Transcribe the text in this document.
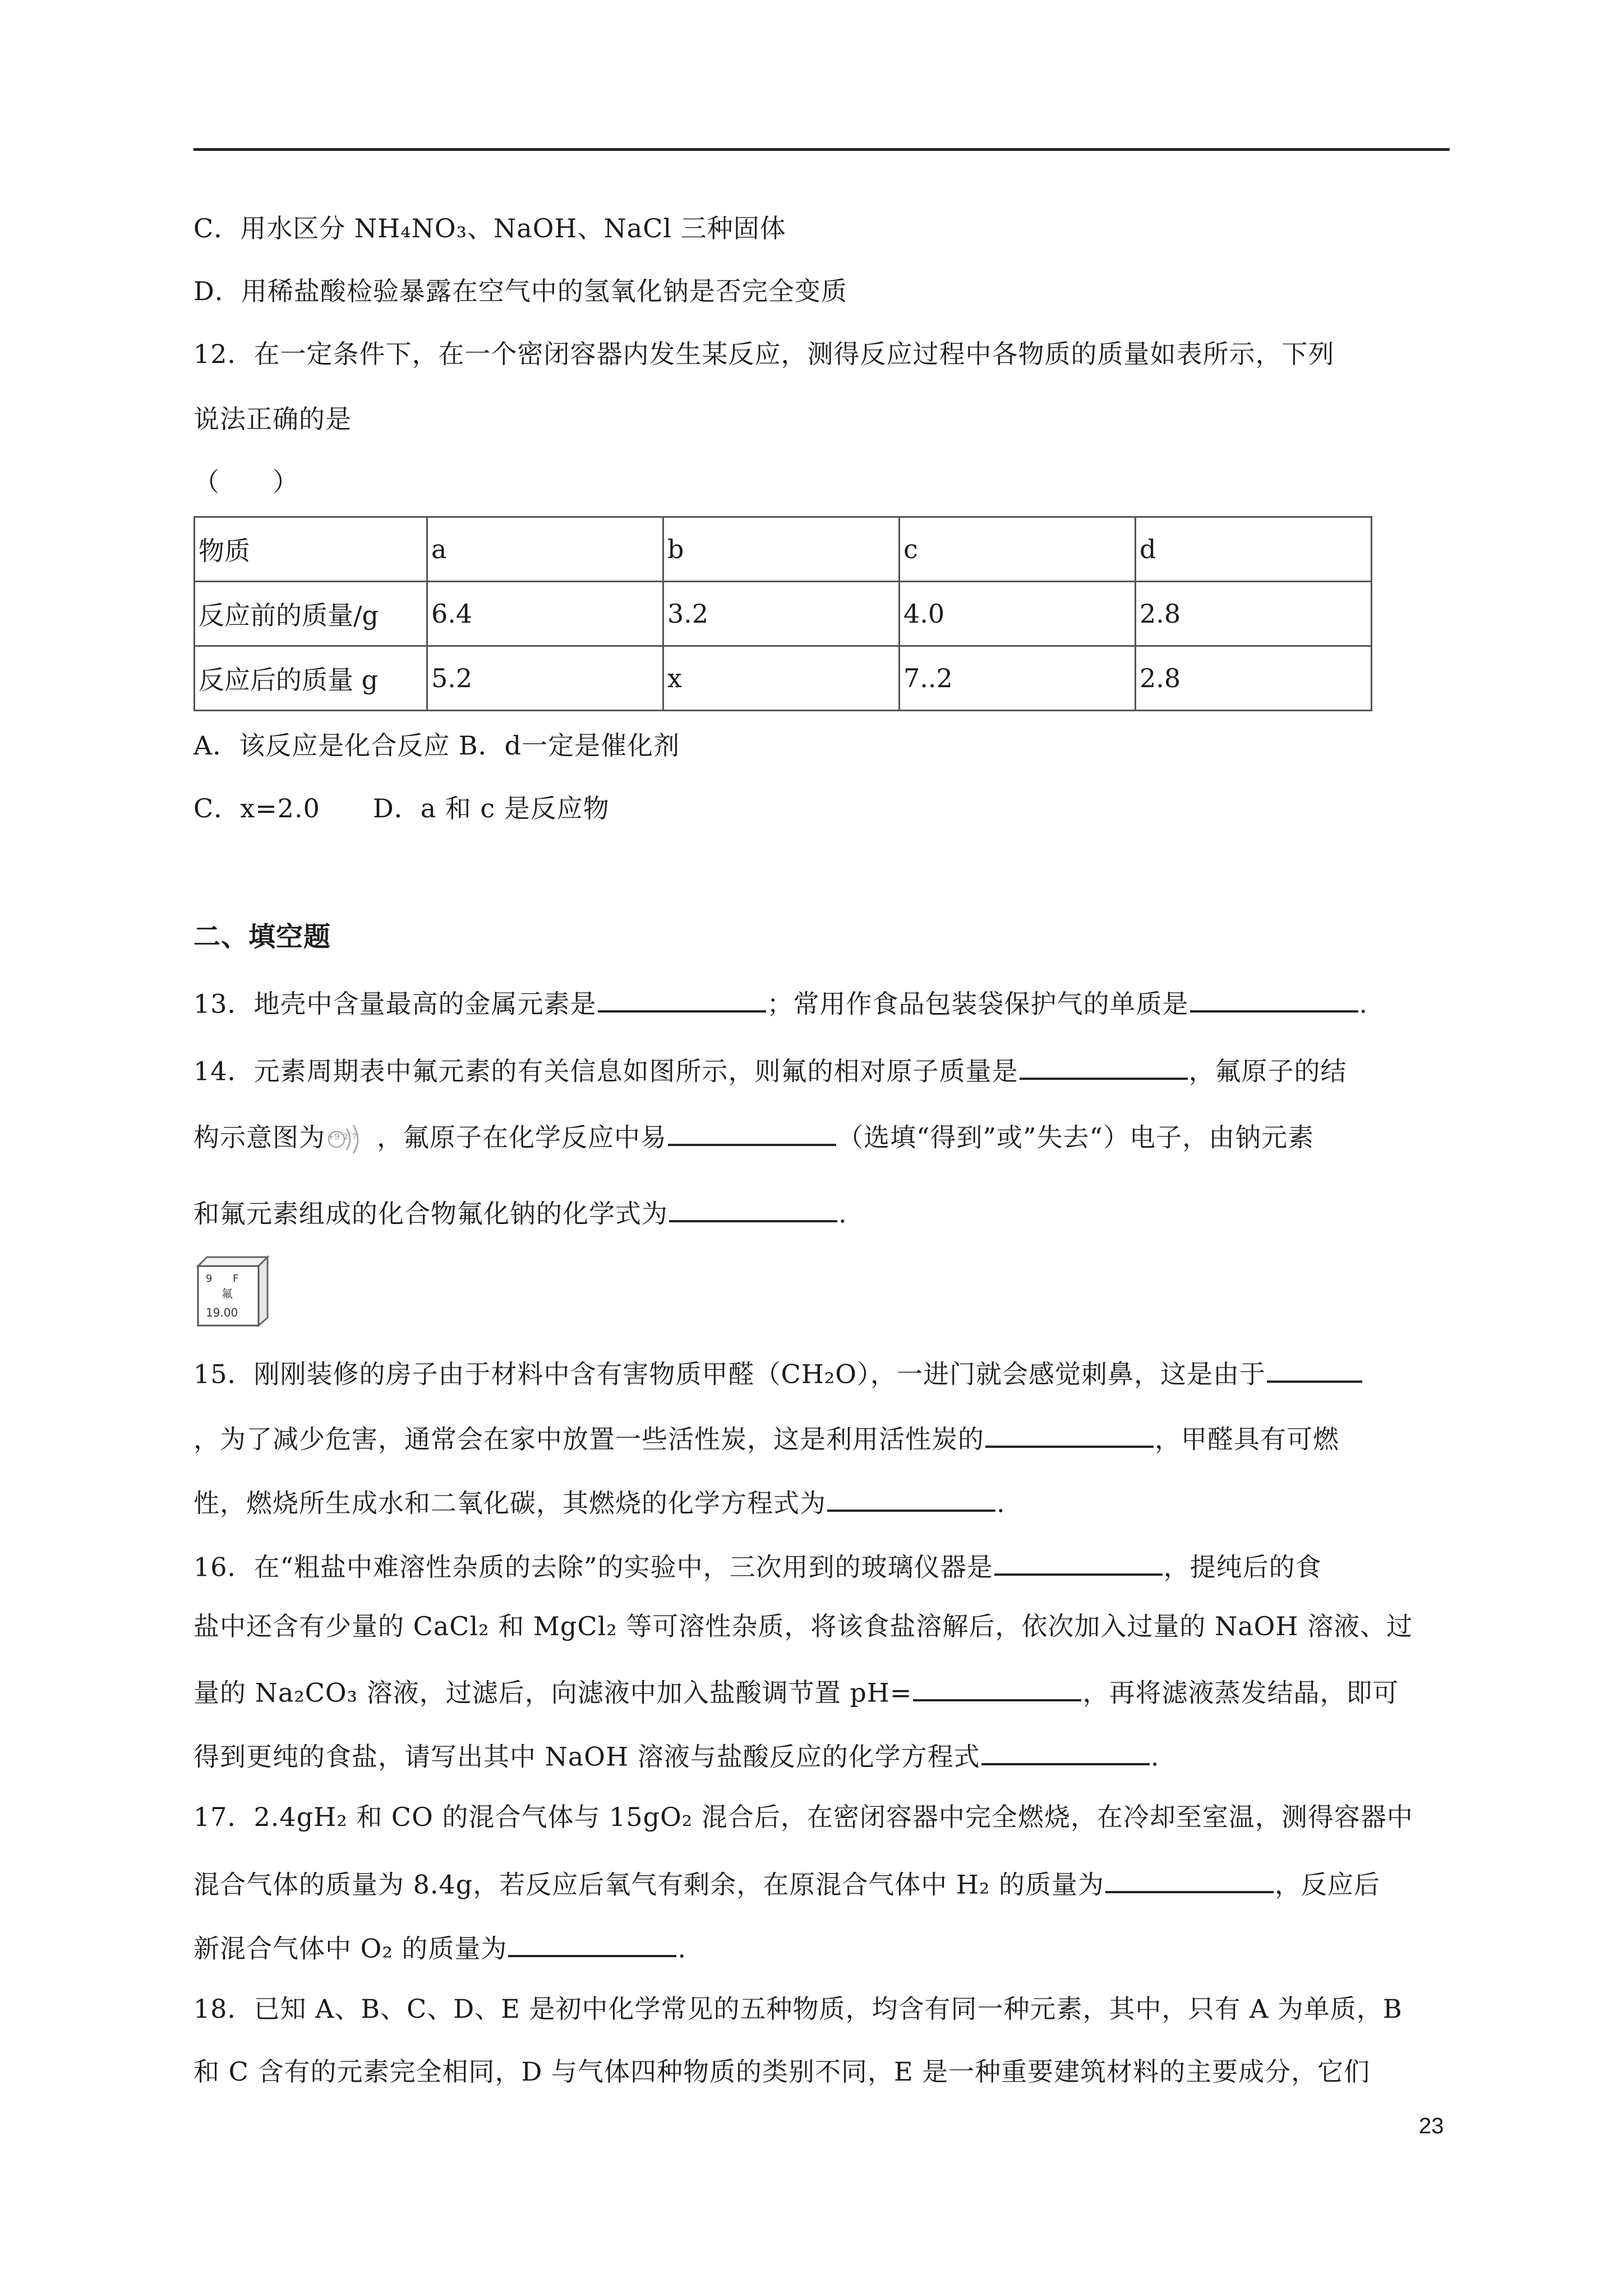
C．用水区分 NH₄NO₃、NaOH、NaCl 三种固体
D．用稀盐酸检验暴露在空气中的氢氧化钠是否完全变质
12．在一定条件下，在一个密闭容器内发生某反应，测得反应过程中各物质的质量如表所示，下列
说法正确的是
（　　）
物质	a	b	c	d
反应前的质量/g	6.4	3.2	4.0	2.8
反应后的质量 g	5.2	x	7..2	2.8
A．该反应是化合反应 B．d一定是催化剂
C．x=2.0　　D．a 和 c 是反应物
二、填空题
13．地壳中含量最高的金属元素是	；常用作食品包装袋保护气的单质是	.
14．元素周期表中氟元素的有关信息如图所示，则氟的相对原子质量是	，氟原子的结
构示意图为 +9 2 7 ，氟原子在化学反应中易	（选填“得到”或”失去“）电子，由钠元素
和氟元素组成的化合物氟化钠的化学式为	.
9 F
氟
19.00
15．刚刚装修的房子由于材料中含有害物质甲醛（CH₂O），一进门就会感觉刺鼻，这是由于
，为了减少危害，通常会在家中放置一些活性炭，这是利用活性炭的	，甲醛具有可燃
性，燃烧所生成水和二氧化碳，其燃烧的化学方程式为	.
16．在“粗盐中难溶性杂质的去除”的实验中，三次用到的玻璃仪器是	，提纯后的食
盐中还含有少量的 CaCl₂ 和 MgCl₂ 等可溶性杂质，将该食盐溶解后，依次加入过量的 NaOH 溶液、过
量的 Na₂CO₃ 溶液，过滤后，向滤液中加入盐酸调节置 pH=	，再将滤液蒸发结晶，即可
得到更纯的食盐，请写出其中 NaOH 溶液与盐酸反应的化学方程式	.
17．2.4gH₂ 和 CO 的混合气体与 15gO₂ 混合后，在密闭容器中完全燃烧，在冷却至室温，测得容器中
混合气体的质量为 8.4g，若反应后氧气有剩余，在原混合气体中 H₂ 的质量为	，反应后
新混合气体中 O₂ 的质量为	.
18．已知 A、B、C、D、E 是初中化学常见的五种物质，均含有同一种元素，其中，只有 A 为单质，B
和 C 含有的元素完全相同，D 与气体四种物质的类别不同，E 是一种重要建筑材料的主要成分，它们
23
